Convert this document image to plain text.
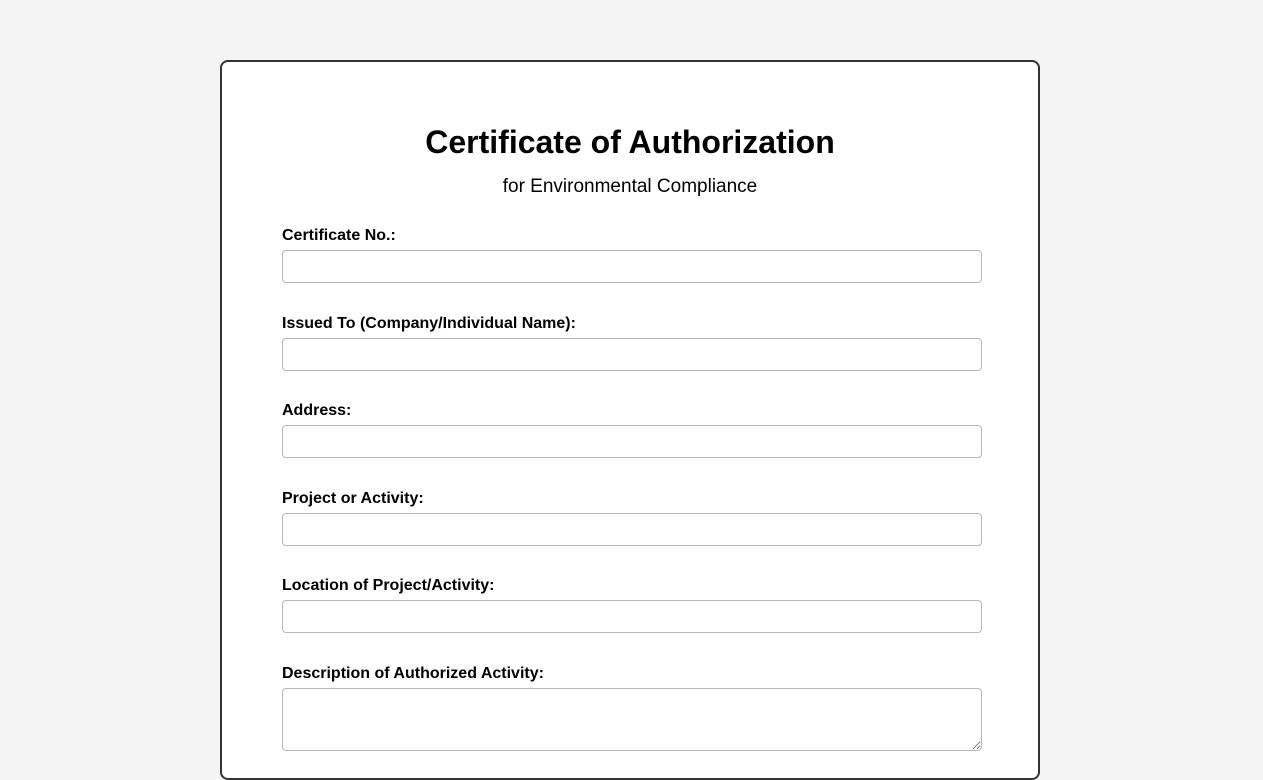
Certificate of Authorization
for Environmental Compliance
Certificate No.:
Issued To (Company/Individual Name):
Address:
Project or Activity:
Location of Project/Activity:
Description of Authorized Activity:
